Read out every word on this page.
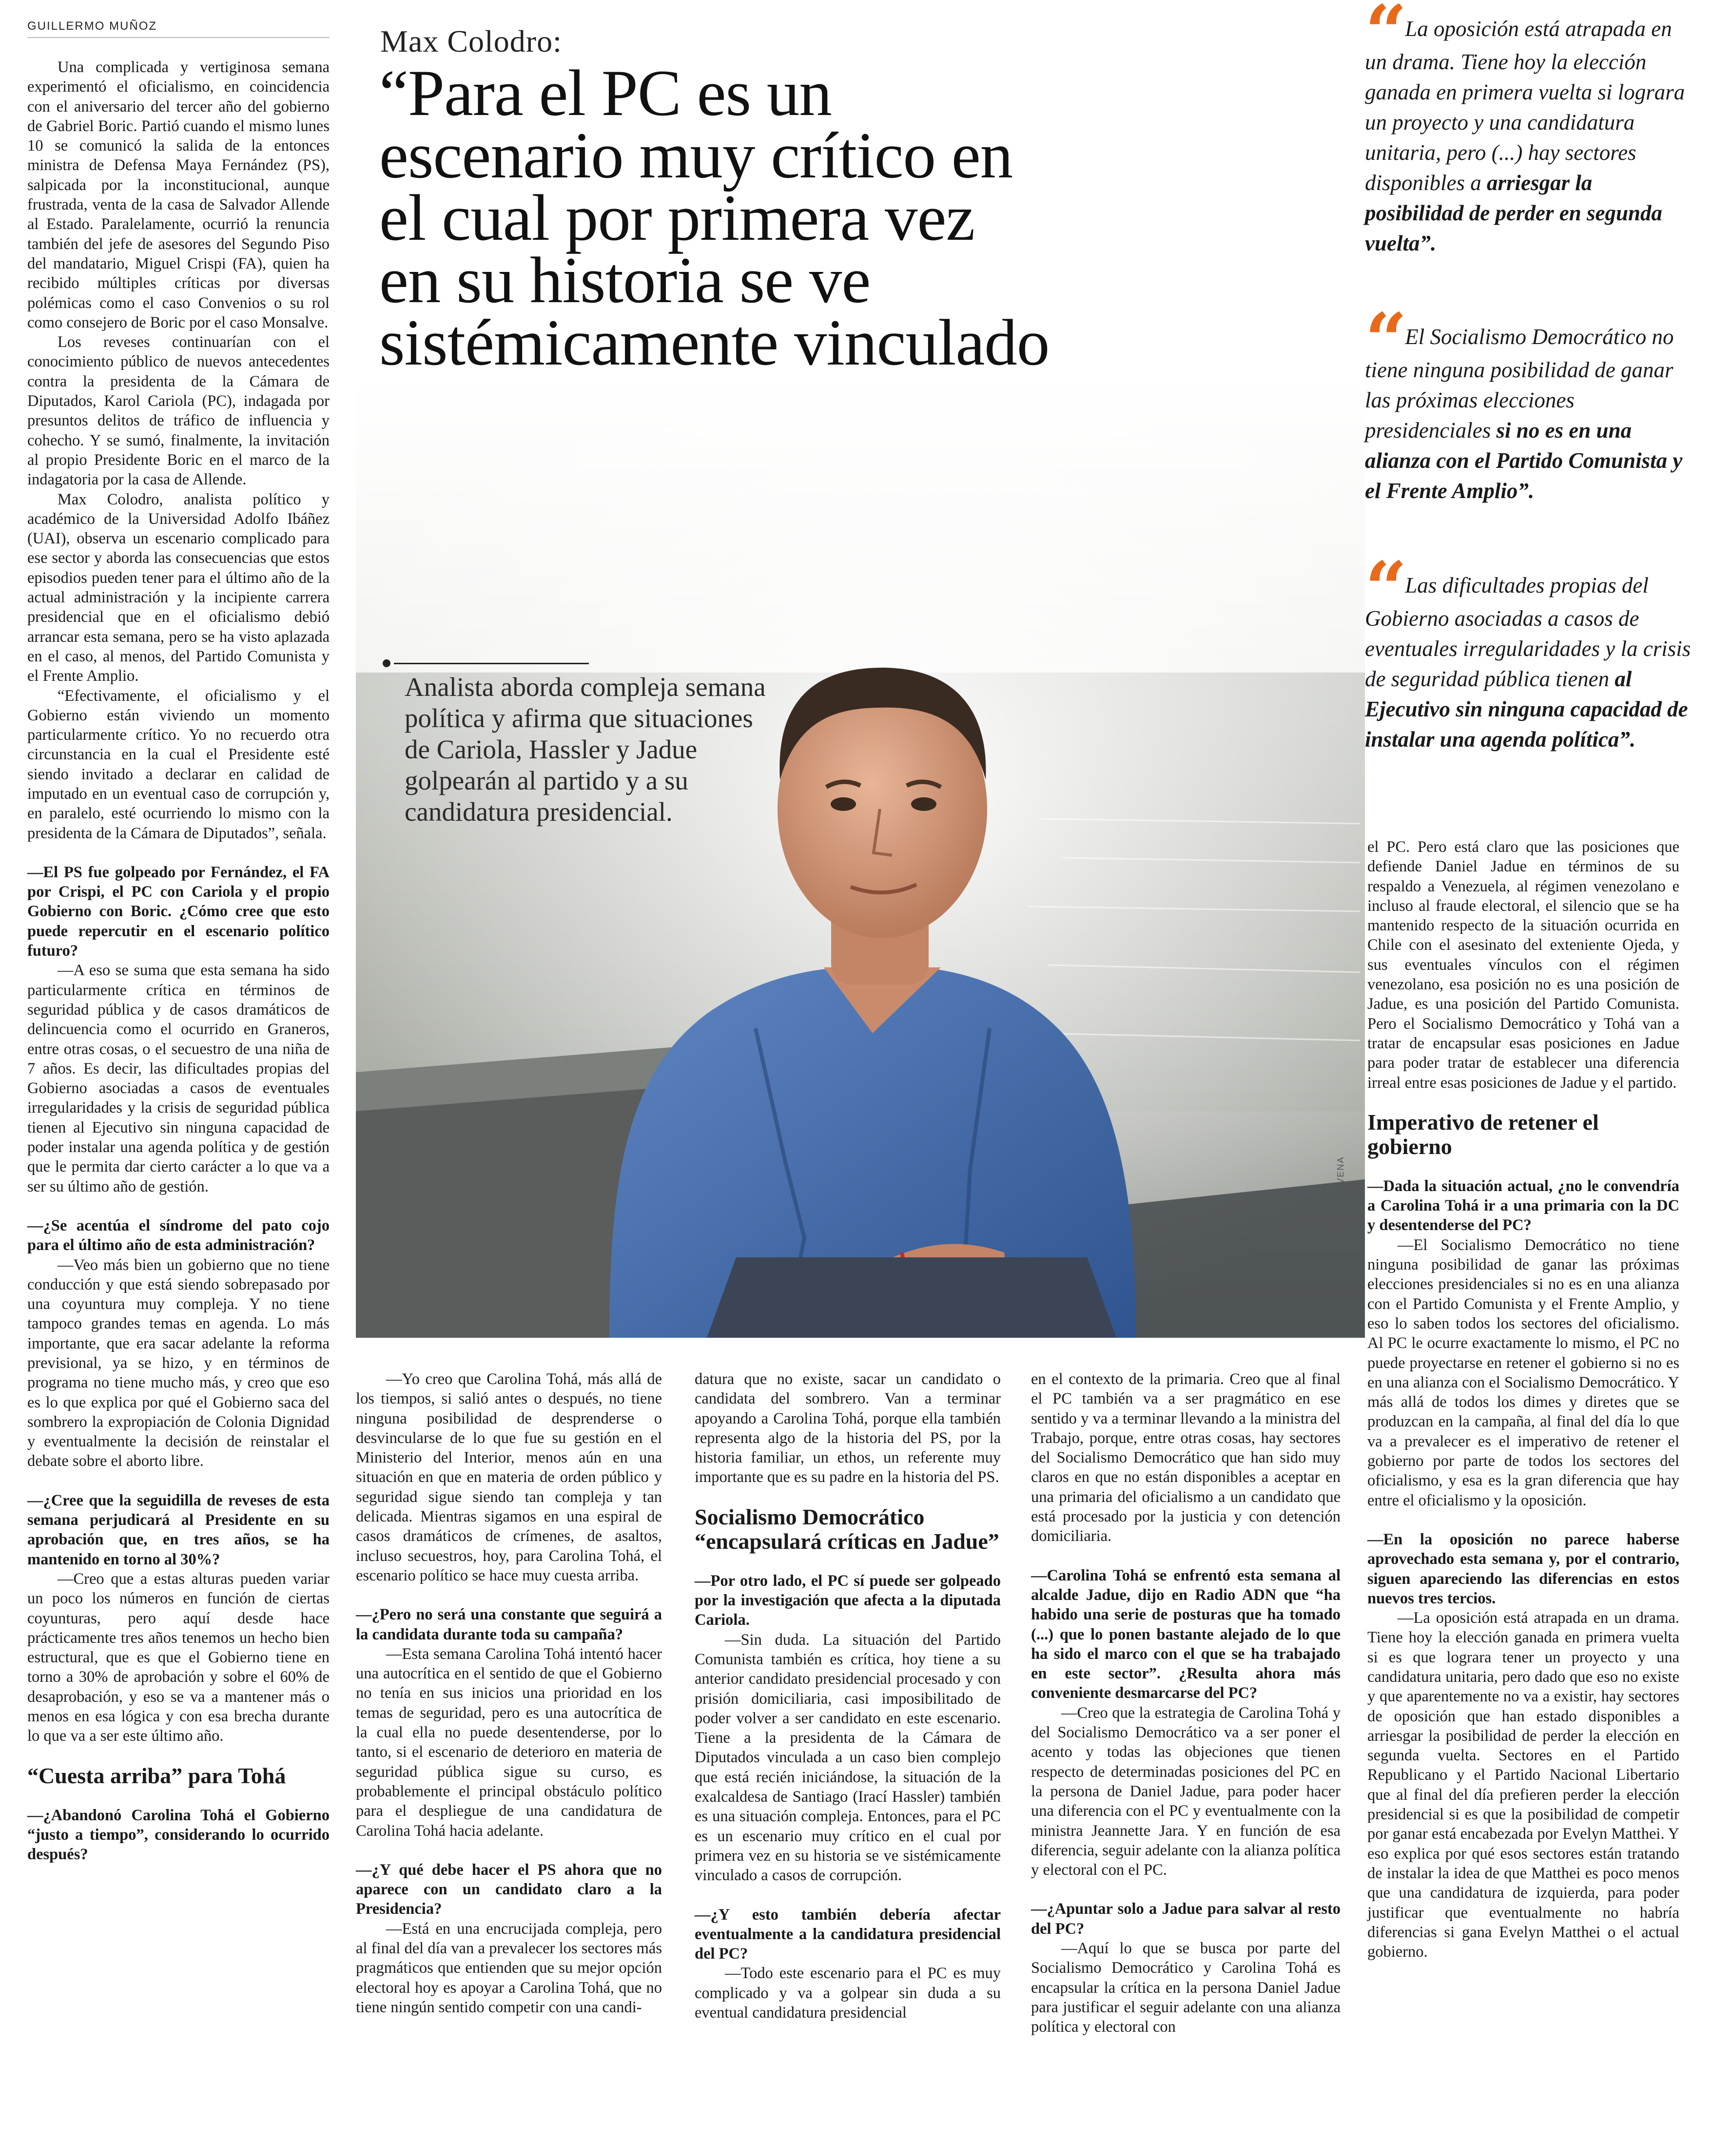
GUILLERMO MUÑOZ	Max Colodro:
“Para el PC es un
escenario muy crítico en
el cual por primera vez
en su historia se ve
sistémicamente vinculado
Analista aborda compleja semana política y afirma que situaciones de Cariola, Hassler y Jadue golpearán al partido y a su candidatura presidencial.
HÉCTOR ARAVENA
“ La oposición está atrapada en un drama. Tiene hoy la elección ganada en primera vuelta si lograra un proyecto y una candidatura unitaria, pero (...) hay sectores disponibles a arriesgar la posibilidad de perder en segunda vuelta”.
“ El Socialismo Democrático no tiene ninguna posibilidad de ganar las próximas elecciones presidenciales si no es en una alianza con el Partido Comunista y el Frente Amplio”.
“ Las dificultades propias del Gobierno asociadas a casos de eventuales irregularidades y la crisis de seguridad pública tienen al Ejecutivo sin ninguna capacidad de instalar una agenda política”.

Una complicada y vertiginosa semana experimentó el oficialismo, en coincidencia con el aniversario del tercer año del gobierno de Gabriel Boric. Partió cuando el mismo lunes 10 se comunicó la salida de la entonces ministra de Defensa Maya Fernández (PS), salpicada por la inconstitucional, aunque frustrada, venta de la casa de Salvador Allende al Estado. Paralelamente, ocurrió la renuncia también del jefe de asesores del Segundo Piso del mandatario, Miguel Crispi (FA), quien ha recibido múltiples críticas por diversas polémicas como el caso Convenios o su rol como consejero de Boric por el caso Monsalve.

Los reveses continuarían con el conocimiento público de nuevos antecedentes contra la presidenta de la Cámara de Diputados, Karol Cariola (PC), indagada por presuntos delitos de tráfico de influencia y cohecho. Y se sumó, finalmente, la invitación al propio Presidente Boric en el marco de la indagatoria por la casa de Allende.

Max Colodro, analista político y académico de la Universidad Adolfo Ibáñez (UAI), observa un escenario complicado para ese sector y aborda las consecuencias que estos episodios pueden tener para el último año de la actual administración y la incipiente carrera presidencial que en el oficialismo debió arrancar esta semana, pero se ha visto aplazada en el caso, al menos, del Partido Comunista y el Frente Amplio.

“Efectivamente, el oficialismo y el Gobierno están viviendo un momento particularmente crítico. Yo no recuerdo otra circunstancia en la cual el Presidente esté siendo invitado a declarar en calidad de imputado en un eventual caso de corrupción y, en paralelo, esté ocurriendo lo mismo con la presidenta de la Cámara de Diputados”, señala.

—El PS fue golpeado por Fernández, el FA por Crispi, el PC con Cariola y el propio Gobierno con Boric. ¿Cómo cree que esto puede repercutir en el escenario político futuro?

—A eso se suma que esta semana ha sido particularmente crítica en términos de seguridad pública y de casos dramáticos de delincuencia como el ocurrido en Graneros, entre otras cosas, o el secuestro de una niña de 7 años. Es decir, las dificultades propias del Gobierno asociadas a casos de eventuales irregularidades y la crisis de seguridad pública tienen al Ejecutivo sin ninguna capacidad de poder instalar una agenda política y de gestión que le permita dar cierto carácter a lo que va a ser su último año de gestión.

—¿Se acentúa el síndrome del pato cojo para el último año de esta administración?

—Veo más bien un gobierno que no tiene conducción y que está siendo sobrepasado por una coyuntura muy compleja. Y no tiene tampoco grandes temas en agenda. Lo más importante, que era sacar adelante la reforma previsional, ya se hizo, y en términos de programa no tiene mucho más, y creo que eso es lo que explica por qué el Gobierno saca del sombrero la expropiación de Colonia Dignidad y eventualmente la decisión de reinstalar el debate sobre el aborto libre.

—¿Cree que la seguidilla de reveses de esta semana perjudicará al Presidente en su aprobación que, en tres años, se ha mantenido en torno al 30%?

—Creo que a estas alturas pueden variar un poco los números en función de ciertas coyunturas, pero aquí desde hace prácticamente tres años tenemos un hecho bien estructural, que es que el Gobierno tiene en torno a 30% de aprobación y sobre el 60% de desaprobación, y eso se va a mantener más o menos en esa lógica y con esa brecha durante lo que va a ser este último año.

“Cuesta arriba” para Tohá

—¿Abandonó Carolina Tohá el Gobierno “justo a tiempo”, considerando lo ocurrido después?

—Yo creo que Carolina Tohá, más allá de los tiempos, si salió antes o después, no tiene ninguna posibilidad de desprenderse o desvincularse de lo que fue su gestión en el Ministerio del Interior, menos aún en una situación en que en materia de orden público y seguridad sigue siendo tan compleja y tan delicada. Mientras sigamos en una espiral de casos dramáticos de crímenes, de asaltos, incluso secuestros, hoy, para Carolina Tohá, el escenario político se hace muy cuesta arriba.

—¿Pero no será una constante que seguirá a la candidata durante toda su campaña?

—Esta semana Carolina Tohá intentó hacer una autocrítica en el sentido de que el Gobierno no tenía en sus inicios una prioridad en los temas de seguridad, pero es una autocrítica de la cual ella no puede desentenderse, por lo tanto, si el escenario de deterioro en materia de seguridad pública sigue su curso, es probablemente el principal obstáculo político para el despliegue de una candidatura de Carolina Tohá hacia adelante.

—¿Y qué debe hacer el PS ahora que no aparece con un candidato claro a la Presidencia?

—Está en una encrucijada compleja, pero al final del día van a prevalecer los sectores más pragmáticos que entienden que su mejor opción electoral hoy es apoyar a Carolina Tohá, que no tiene ningún sentido competir con una candi-

datura que no existe, sacar un candidato o candidata del sombrero. Van a terminar apoyando a Carolina Tohá, porque ella también representa algo de la historia del PS, por la historia familiar, un ethos, un referente muy importante que es su padre en la historia del PS.

Socialismo Democrático “encapsulará críticas en Jadue”

—Por otro lado, el PC sí puede ser golpeado por la investigación que afecta a la diputada Cariola.

—Sin duda. La situación del Partido Comunista también es crítica, hoy tiene a su anterior candidato presidencial procesado y con prisión domiciliaria, casi imposibilitado de poder volver a ser candidato en este escenario. Tiene a la presidenta de la Cámara de Diputados vinculada a un caso bien complejo que está recién iniciándose, la situación de la exalcaldesa de Santiago (Irací Hassler) también es una situación compleja. Entonces, para el PC es un escenario muy crítico en el cual por primera vez en su historia se ve sistémicamente vinculado a casos de corrupción.

—¿Y esto también debería afectar eventualmente a la candidatura presidencial del PC?

—Todo este escenario para el PC es muy complicado y va a golpear sin duda a su eventual candidatura presidencial

en el contexto de la primaria. Creo que al final el PC también va a ser pragmático en ese sentido y va a terminar llevando a la ministra del Trabajo, porque, entre otras cosas, hay sectores del Socialismo Democrático que han sido muy claros en que no están disponibles a aceptar en una primaria del oficialismo a un candidato que está procesado por la justicia y con detención domiciliaria.

—Carolina Tohá se enfrentó esta semana al alcalde Jadue, dijo en Radio ADN que “ha habido una serie de posturas que ha tomado (...) que lo ponen bastante alejado de lo que ha sido el marco con el que se ha trabajado en este sector”. ¿Resulta ahora más conveniente desmarcarse del PC?

—Creo que la estrategia de Carolina Tohá y del Socialismo Democrático va a ser poner el acento y todas las objeciones que tienen respecto de determinadas posiciones del PC en la persona de Daniel Jadue, para poder hacer una diferencia con el PC y eventualmente con la ministra Jeannette Jara. Y en función de esa diferencia, seguir adelante con la alianza política y electoral con el PC.

—¿Apuntar solo a Jadue para salvar al resto del PC?

—Aquí lo que se busca por parte del Socialismo Democrático y Carolina Tohá es encapsular la crítica en la persona Daniel Jadue para justificar el seguir adelante con una alianza política y electoral con

el PC. Pero está claro que las posiciones que defiende Daniel Jadue en términos de su respaldo a Venezuela, al régimen venezolano e incluso al fraude electoral, el silencio que se ha mantenido respecto de la situación ocurrida en Chile con el asesinato del exteniente Ojeda, y sus eventuales vínculos con el régimen venezolano, esa posición no es una posición de Jadue, es una posición del Partido Comunista. Pero el Socialismo Democrático y Tohá van a tratar de encapsular esas posiciones en Jadue para poder tratar de establecer una diferencia irreal entre esas posiciones de Jadue y el partido.

Imperativo de retener el gobierno

—Dada la situación actual, ¿no le convendría a Carolina Tohá ir a una primaria con la DC y desentenderse del PC?

—El Socialismo Democrático no tiene ninguna posibilidad de ganar las próximas elecciones presidenciales si no es en una alianza con el Partido Comunista y el Frente Amplio, y eso lo saben todos los sectores del oficialismo. Al PC le ocurre exactamente lo mismo, el PC no puede proyectarse en retener el gobierno si no es en una alianza con el Socialismo Democrático. Y más allá de todos los dimes y diretes que se produzcan en la campaña, al final del día lo que va a prevalecer es el imperativo de retener el gobierno por parte de todos los sectores del oficialismo, y esa es la gran diferencia que hay entre el oficialismo y la oposición.

—En la oposición no parece haberse aprovechado esta semana y, por el contrario, siguen apareciendo las diferencias en estos nuevos tres tercios.

—La oposición está atrapada en un drama. Tiene hoy la elección ganada en primera vuelta si es que lograra tener un proyecto y una candidatura unitaria, pero dado que eso no existe y que aparentemente no va a existir, hay sectores de oposición que han estado disponibles a arriesgar la posibilidad de perder la elección en segunda vuelta. Sectores en el Partido Republicano y el Partido Nacional Libertario que al final del día prefieren perder la elección presidencial si es que la posibilidad de competir por ganar está encabezada por Evelyn Matthei. Y eso explica por qué esos sectores están tratando de instalar la idea de que Matthei es poco menos que una candidatura de izquierda, para poder justificar que eventualmente no habría diferencias si gana Evelyn Matthei o el actual gobierno.
